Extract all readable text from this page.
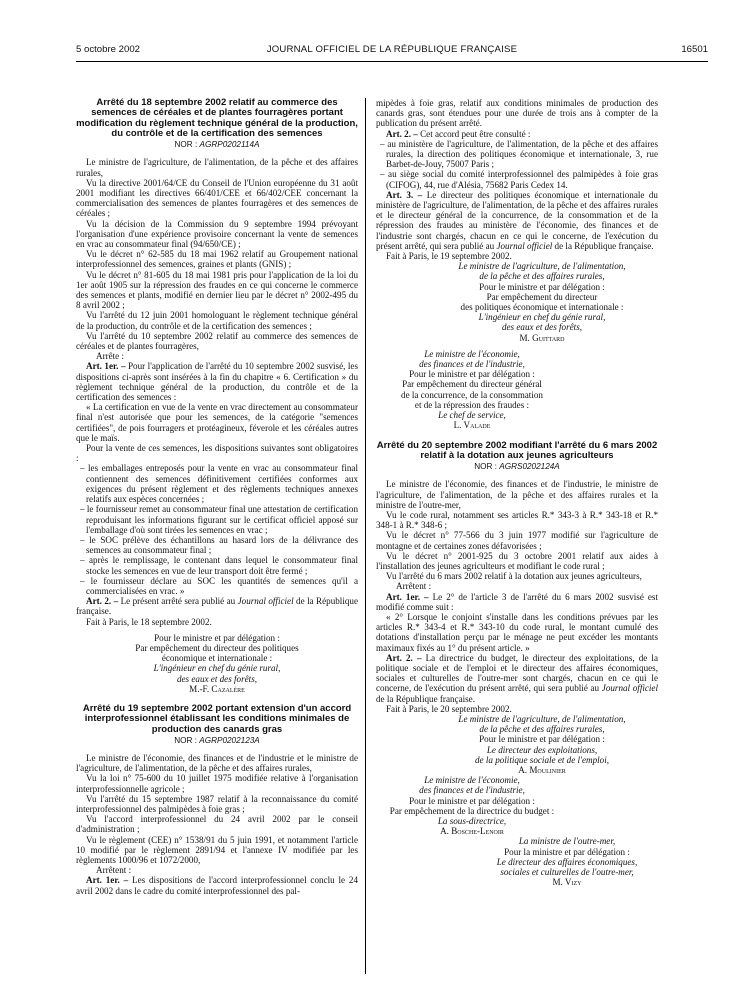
5 octobre 2002	JOURNAL OFFICIEL DE LA RÉPUBLIQUE FRANÇAISE	16501
Arrêté du 18 septembre 2002 relatif au commerce des semences de céréales et de plantes fourragères portant modification du règlement technique général de la production, du contrôle et de la certification des semences
NOR : AGRP0202114A

Le ministre de l'agriculture, de l'alimentation, de la pêche et des affaires rurales,

Vu la directive 2001/64/CE du Conseil de l'Union européenne du 31 août 2001 modifiant les directives 66/401/CEE et 66/402/CEE concernant la commercialisation des semences de plantes fourragères et des semences de céréales ;

Vu la décision de la Commission du 9 septembre 1994 prévoyant l'organisation d'une expérience provisoire concernant la vente de semences en vrac au consommateur final (94/650/CE) ;

Vu le décret n° 62-585 du 18 mai 1962 relatif au Groupement national interprofessionnel des semences, graines et plants (GNIS) ;

Vu le décret n° 81-605 du 18 mai 1981 pris pour l'application de la loi du 1er août 1905 sur la répression des fraudes en ce qui concerne le commerce des semences et plants, modifié en dernier lieu par le décret n° 2002-495 du 8 avril 2002 ;

Vu l'arrêté du 12 juin 2001 homologuant le règlement technique général de la production, du contrôle et de la certification des semences ;

Vu l'arrêté du 10 septembre 2002 relatif au commerce des semences de céréales et de plantes fourragères,

Arrête :

Art. 1er. – Pour l'application de l'arrêté du 10 septembre 2002 susvisé, les dispositions ci-après sont insérées à la fin du chapitre « 6. Certification » du règlement technique général de la production, du contrôle et de la certification des semences :

« La certification en vue de la vente en vrac directement au consommateur final n'est autorisée que pour les semences, de la catégorie "semences certifiées", de pois fourragers et protéagineux, féverole et les céréales autres que le maïs.

Pour la vente de ces semences, les dispositions suivantes sont obligatoires :

– les emballages entreposés pour la vente en vrac au consommateur final contiennent des semences définitivement certifiées conformes aux exigences du présent règlement et des règlements techniques annexes relatifs aux espèces concernées ;

– le fournisseur remet au consommateur final une attestation de certification reproduisant les informations figurant sur le certificat officiel apposé sur l'emballage d'où sont tirées les semences en vrac ;

– le SOC prélève des échantillons au hasard lors de la délivrance des semences au consommateur final ;

– après le remplissage, le contenant dans lequel le consommateur final stocke les semences en vue de leur transport doit être fermé ;

– le fournisseur déclare au SOC les quantités de semences qu'il a commercialisées en vrac. »

Art. 2. – Le présent arrêté sera publié au Journal officiel de la République française.

Fait à Paris, le 18 septembre 2002.

Pour le ministre et par délégation :
Par empêchement du directeur des politiques
économique et internationale :
L'ingénieur en chef du génie rural,
des eaux et des forêts,
M.-F. Cazalère
Arrêté du 19 septembre 2002 portant extension d'un accord interprofessionnel établissant les conditions minimales de production des canards gras
NOR : AGRP0202123A

Le ministre de l'économie, des finances et de l'industrie et le ministre de l'agriculture, de l'alimentation, de la pêche et des affaires rurales,

Vu la loi n° 75-600 du 10 juillet 1975 modifiée relative à l'organisation interprofessionnelle agricole ;

Vu l'arrêté du 15 septembre 1987 relatif à la reconnaissance du comité interprofessionnel des palmipèdes à foie gras ;

Vu l'accord interprofessionnel du 24 avril 2002 par le conseil d'administration ;

Vu le règlement (CEE) n° 1538/91 du 5 juin 1991, et notamment l'article 10 modifié par le règlement 2891/94 et l'annexe IV modifiée par les règlements 1000/96 et 1072/2000,

Arrêtent :

Art. 1er. – Les dispositions de l'accord interprofessionnel conclu le 24 avril 2002 dans le cadre du comité interprofessionnel des pal-

mipèdes à foie gras, relatif aux conditions minimales de production des canards gras, sont étendues pour une durée de trois ans à compter de la publication du présent arrêté.

Art. 2. – Cet accord peut être consulté :

– au ministère de l'agriculture, de l'alimentation, de la pêche et des affaires rurales, la direction des politiques économique et internationale, 3, rue Barbet-de-Jouy, 75007 Paris ;

– au siège social du comité interprofessionnel des palmipèdes à foie gras (CIFOG), 44, rue d'Alésia, 75682 Paris Cedex 14.

Art. 3. – Le directeur des politiques économique et internationale du ministère de l'agriculture, de l'alimentation, de la pêche et des affaires rurales et le directeur général de la concurrence, de la consommation et de la répression des fraudes au ministère de l'économie, des finances et de l'industrie sont chargés, chacun en ce qui le concerne, de l'exécution du présent arrêté, qui sera publié au Journal officiel de la République française.

Fait à Paris, le 19 septembre 2002.

Le ministre de l'agriculture, de l'alimentation,
de la pêche et des affaires rurales,
Pour le ministre et par délégation :
Par empêchement du directeur
des politiques économique et internationale :
L'ingénieur en chef du génie rural,
des eaux et des forêts,
M. Guittard
Le ministre de l'économie,
des finances et de l'industrie,
Pour le ministre et par délégation :
Par empêchement du directeur général
de la concurrence, de la consommation
et de la répression des fraudes :
Le chef de service,
L. Valade
Arrêté du 20 septembre 2002 modifiant l'arrêté du 6 mars 2002 relatif à la dotation aux jeunes agriculteurs
NOR : AGRS0202124A

Le ministre de l'économie, des finances et de l'industrie, le ministre de l'agriculture, de l'alimentation, de la pêche et des affaires rurales et la ministre de l'outre-mer,

Vu le code rural, notamment ses articles R.* 343-3 à R.* 343-18 et R.* 348-1 à R.* 348-6 ;

Vu le décret n° 77-566 du 3 juin 1977 modifié sur l'agriculture de montagne et de certaines zones défavorisées ;

Vu le décret n° 2001-925 du 3 octobre 2001 relatif aux aides à l'installation des jeunes agriculteurs et modifiant le code rural ;

Vu l'arrêté du 6 mars 2002 relatif à la dotation aux jeunes agriculteurs,

Arrêtent :

Art. 1er. – Le 2° de l'article 3 de l'arrêté du 6 mars 2002 susvisé est modifié comme suit :

« 2° Lorsque le conjoint s'installe dans les conditions prévues par les articles R.* 343-4 et R.* 343-10 du code rural, le montant cumulé des dotations d'installation perçu par le ménage ne peut excéder les montants maximaux fixés au 1° du présent article. »

Art. 2. – La directrice du budget, le directeur des exploitations, de la politique sociale et de l'emploi et le directeur des affaires économiques, sociales et culturelles de l'outre-mer sont chargés, chacun en ce qui le concerne, de l'exécution du présent arrêté, qui sera publié au Journal officiel de la République française.

Fait à Paris, le 20 septembre 2002.

Le ministre de l'agriculture, de l'alimentation,
de la pêche et des affaires rurales,
Pour le ministre et par délégation :
Le directeur des exploitations,
de la politique sociale et de l'emploi,
A. Moulinier
Le ministre de l'économie,
des finances et de l'industrie,
Pour le ministre et par délégation :
Par empêchement de la directrice du budget :
La sous-directrice,
A. Bosche-Lenoir
La ministre de l'outre-mer,
Pour la ministre et par délégation :
Le directeur des affaires économiques,
sociales et culturelles de l'outre-mer,
M. Vizy
